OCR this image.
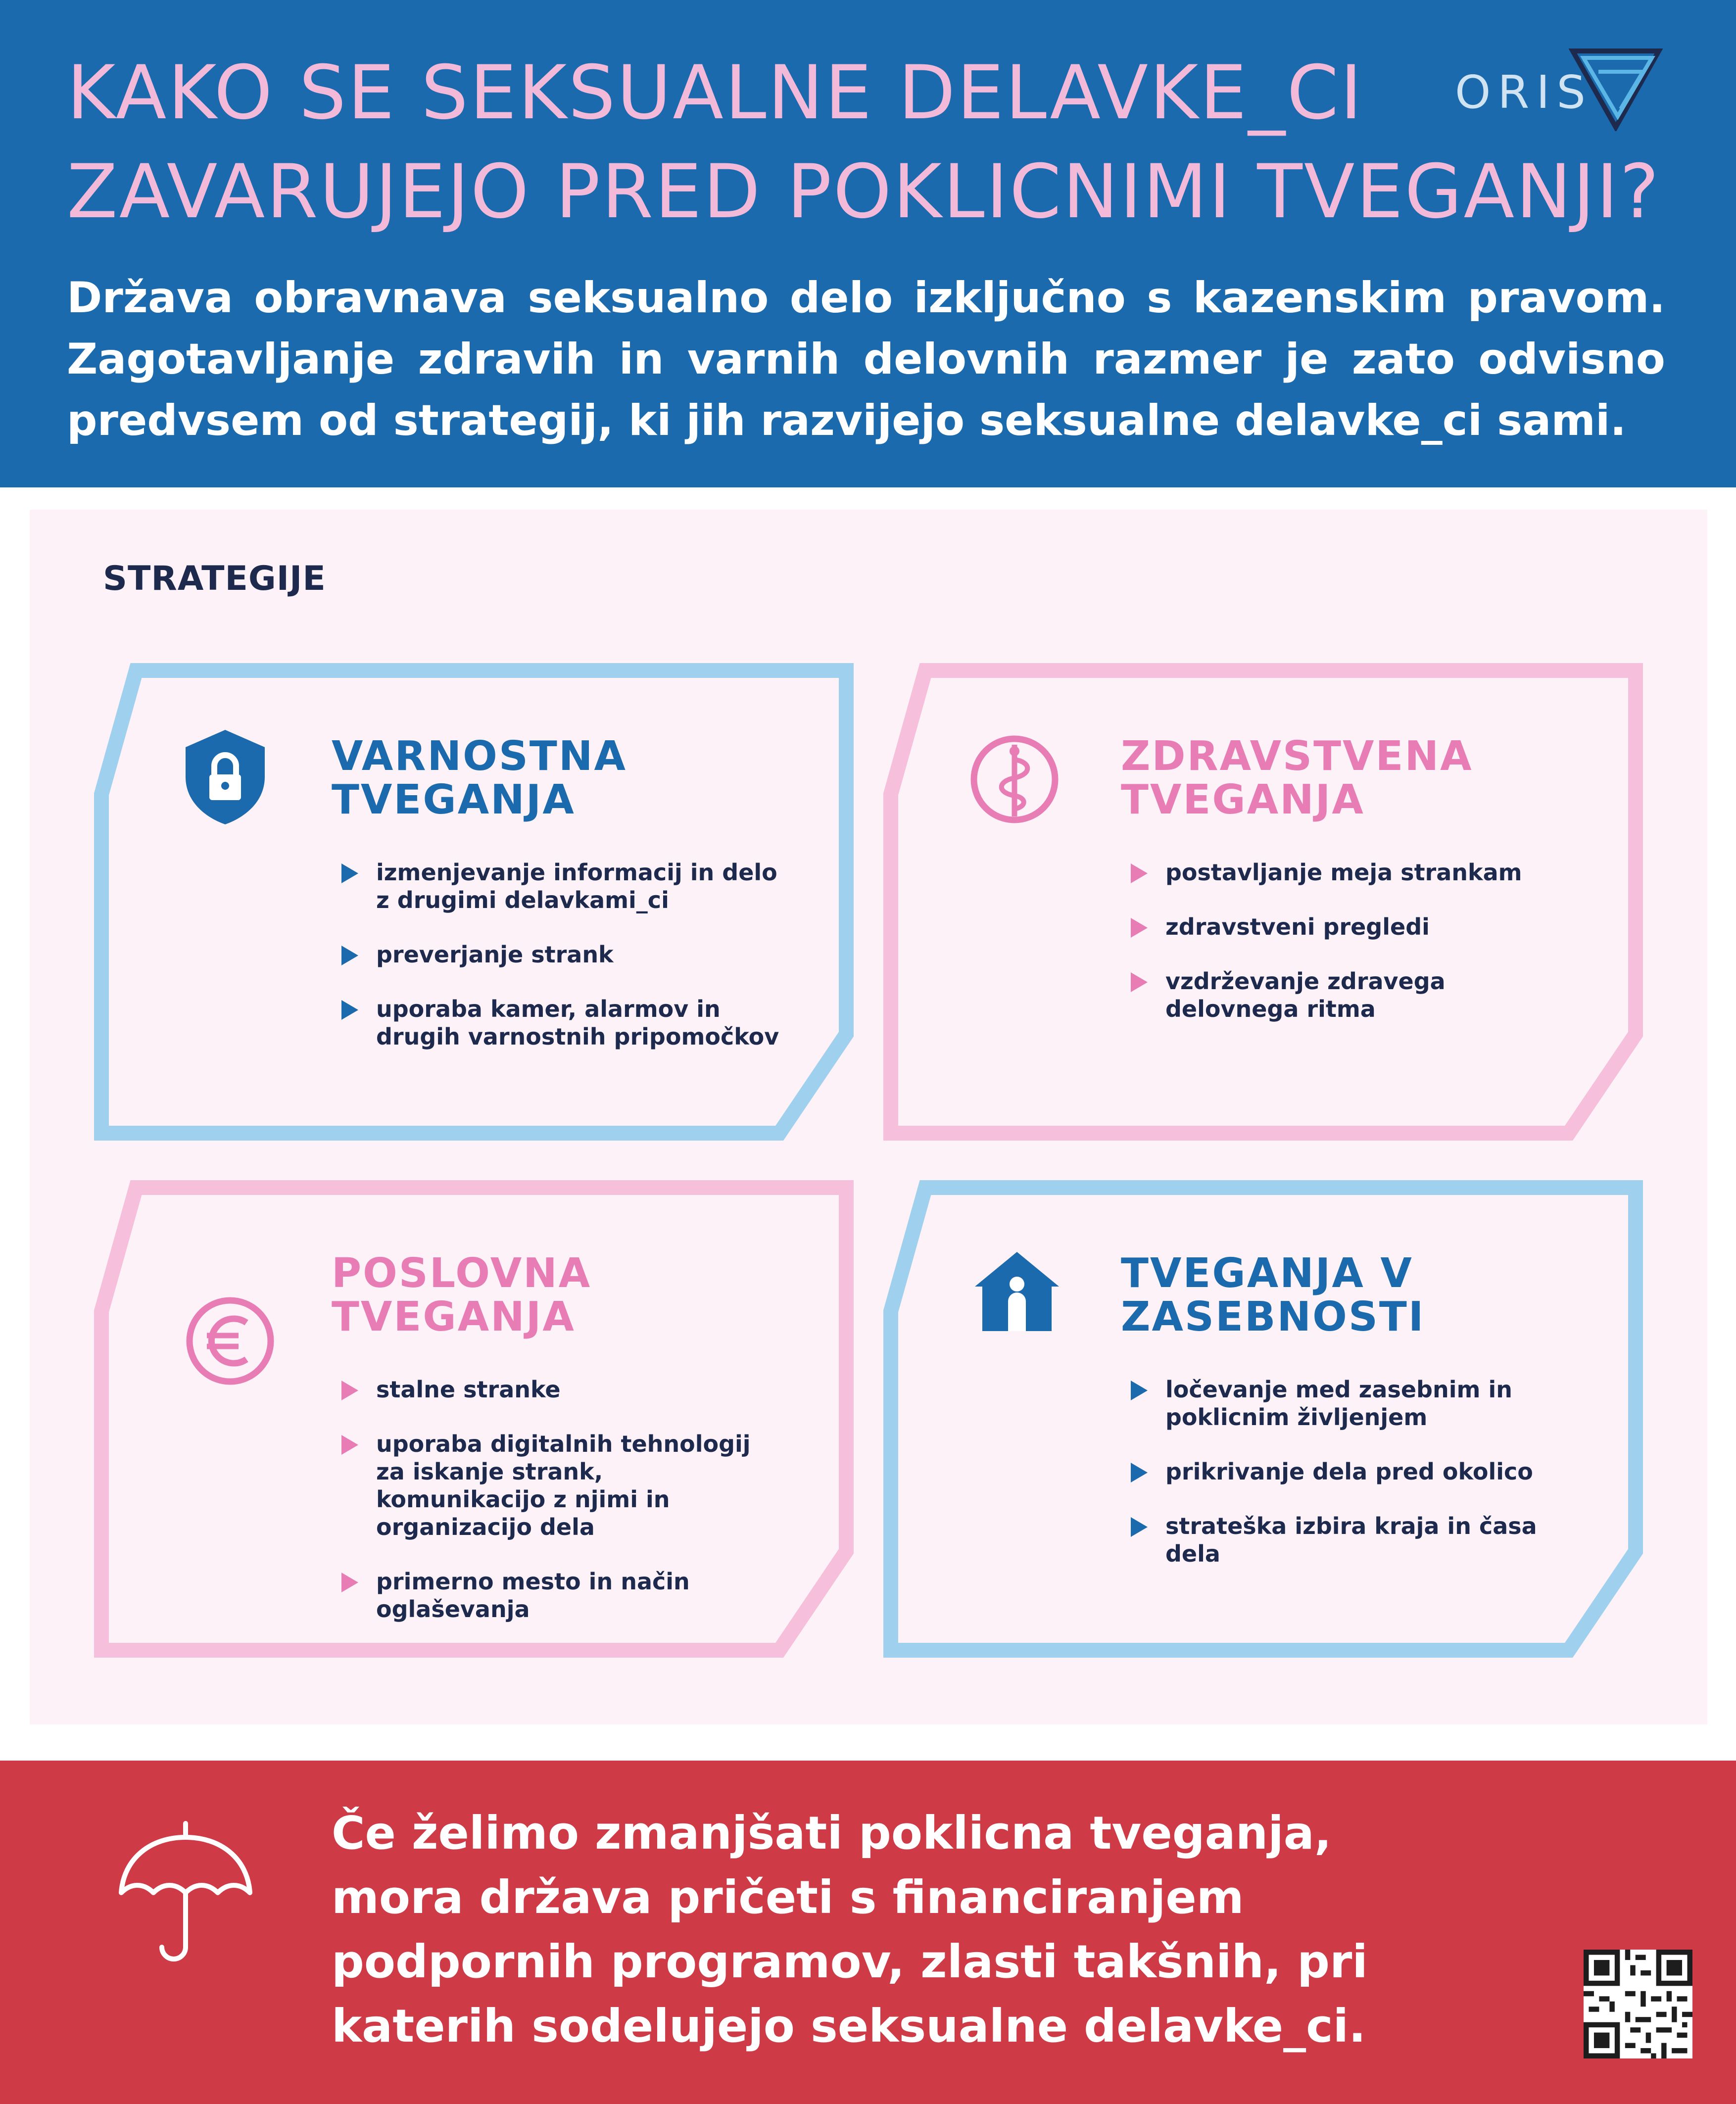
KAKO SE SEKSUALNE DELAVKE_CI
ZAVARUJEJO PRED POKLICNIMI TVEGANJI?
ORIS

Država obravnava seksualno delo izključno s kazenskim pravom. Zagotavljanje zdravih in varnih delovnih razmer je zato odvisno predvsem od strategij, ki jih razvijejo seksualne delavke_ci sami.

STRATEGIJE
VARNOSTNA
TVEGANJA
izmenjevanje informacij in delo z drugimi delavkami_ci
preverjanje strank
uporaba kamer, alarmov in drugih varnostnih pripomočkov
ZDRAVSTVENA
TVEGANJA
postavljanje meja strankam
zdravstveni pregledi
vzdrževanje zdravega delovnega ritma
POSLOVNA
TVEGANJA
stalne stranke
uporaba digitalnih tehnologij za iskanje strank, komunikacijo z njimi in organizacijo dela
primerno mesto in način oglaševanja
TVEGANJA V
ZASEBNOSTI
ločevanje med zasebnim in poklicnim življenjem
prikrivanje dela pred okolico
strateška izbira kraja in časa dela

Če želimo zmanjšati poklicna tveganja, mora država pričeti s financiranjem podpornih programov, zlasti takšnih, pri katerih sodelujejo seksualne delavke_ci.
